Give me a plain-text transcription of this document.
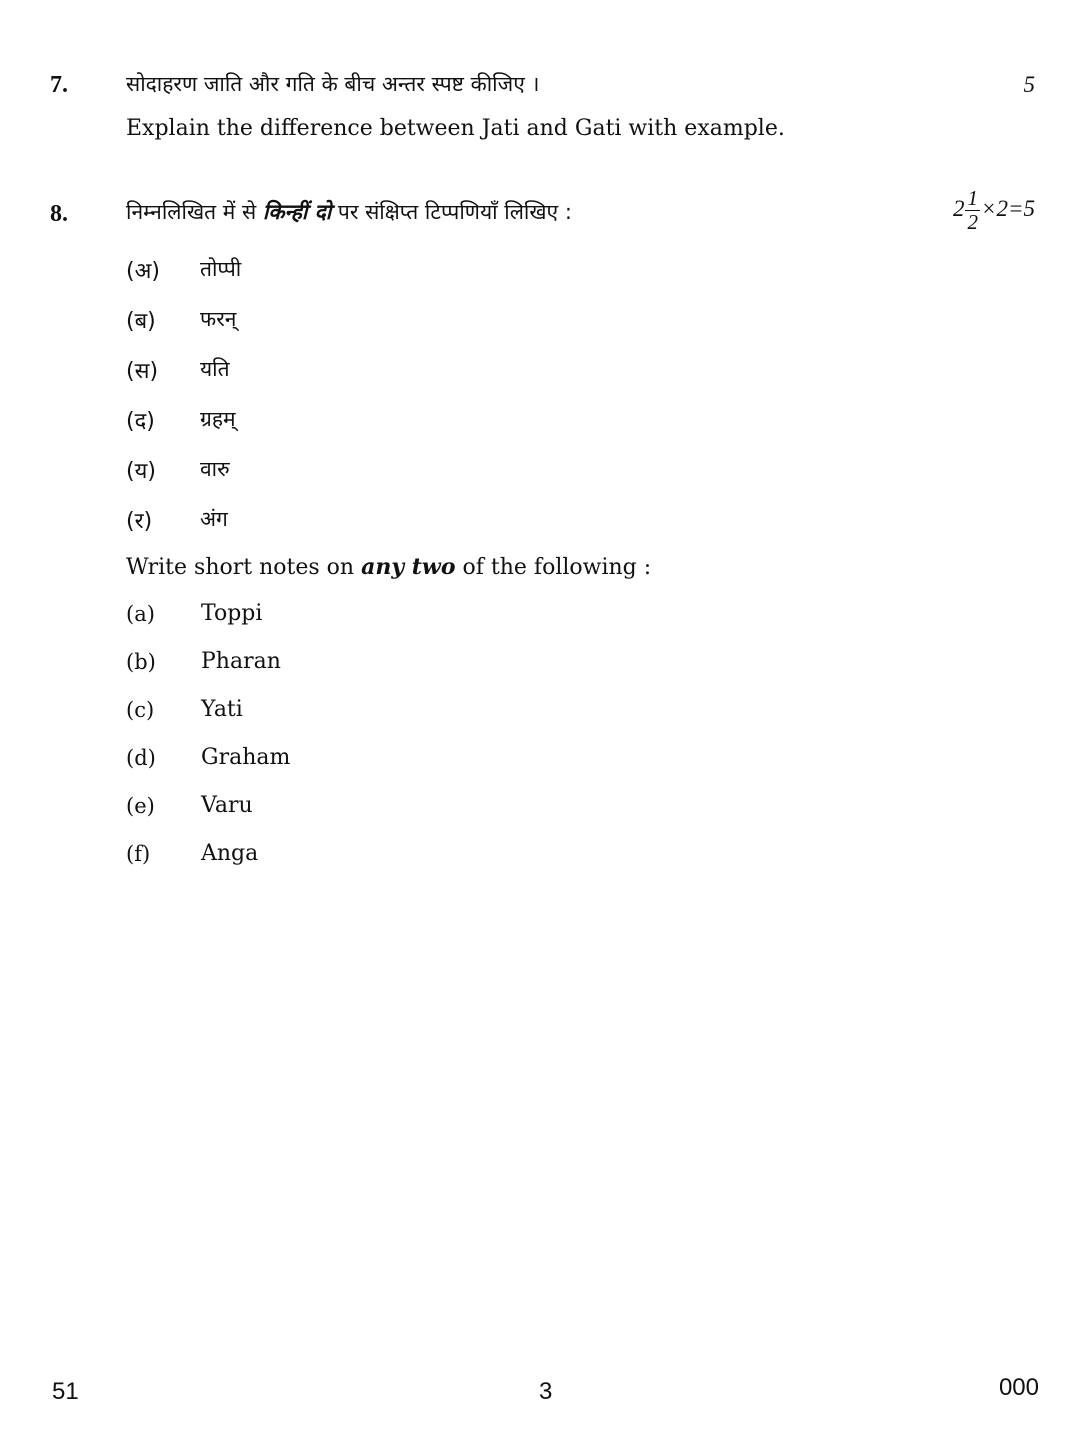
7.	सोदाहरण जाति और गति के बीच अन्तर स्पष्ट कीजिए ।	5
Explain the difference between Jati and Gati with example.
8.	निम्नलिखित में से किन्हीं दो पर संक्षिप्त टिप्पणियाँ लिखिए :	$2 \frac{1}{2} \times 2=5$
(अ) तोप्पी
(ब) फरन्
(स) यति
(द) ग्रहम्
(य) वारु
(र) अंग
Write short notes on any two of the following :
(a) Toppi
(b) Pharan
(c) Yati
(d) Graham
(e) Varu
(f) Anga
51	3	000
